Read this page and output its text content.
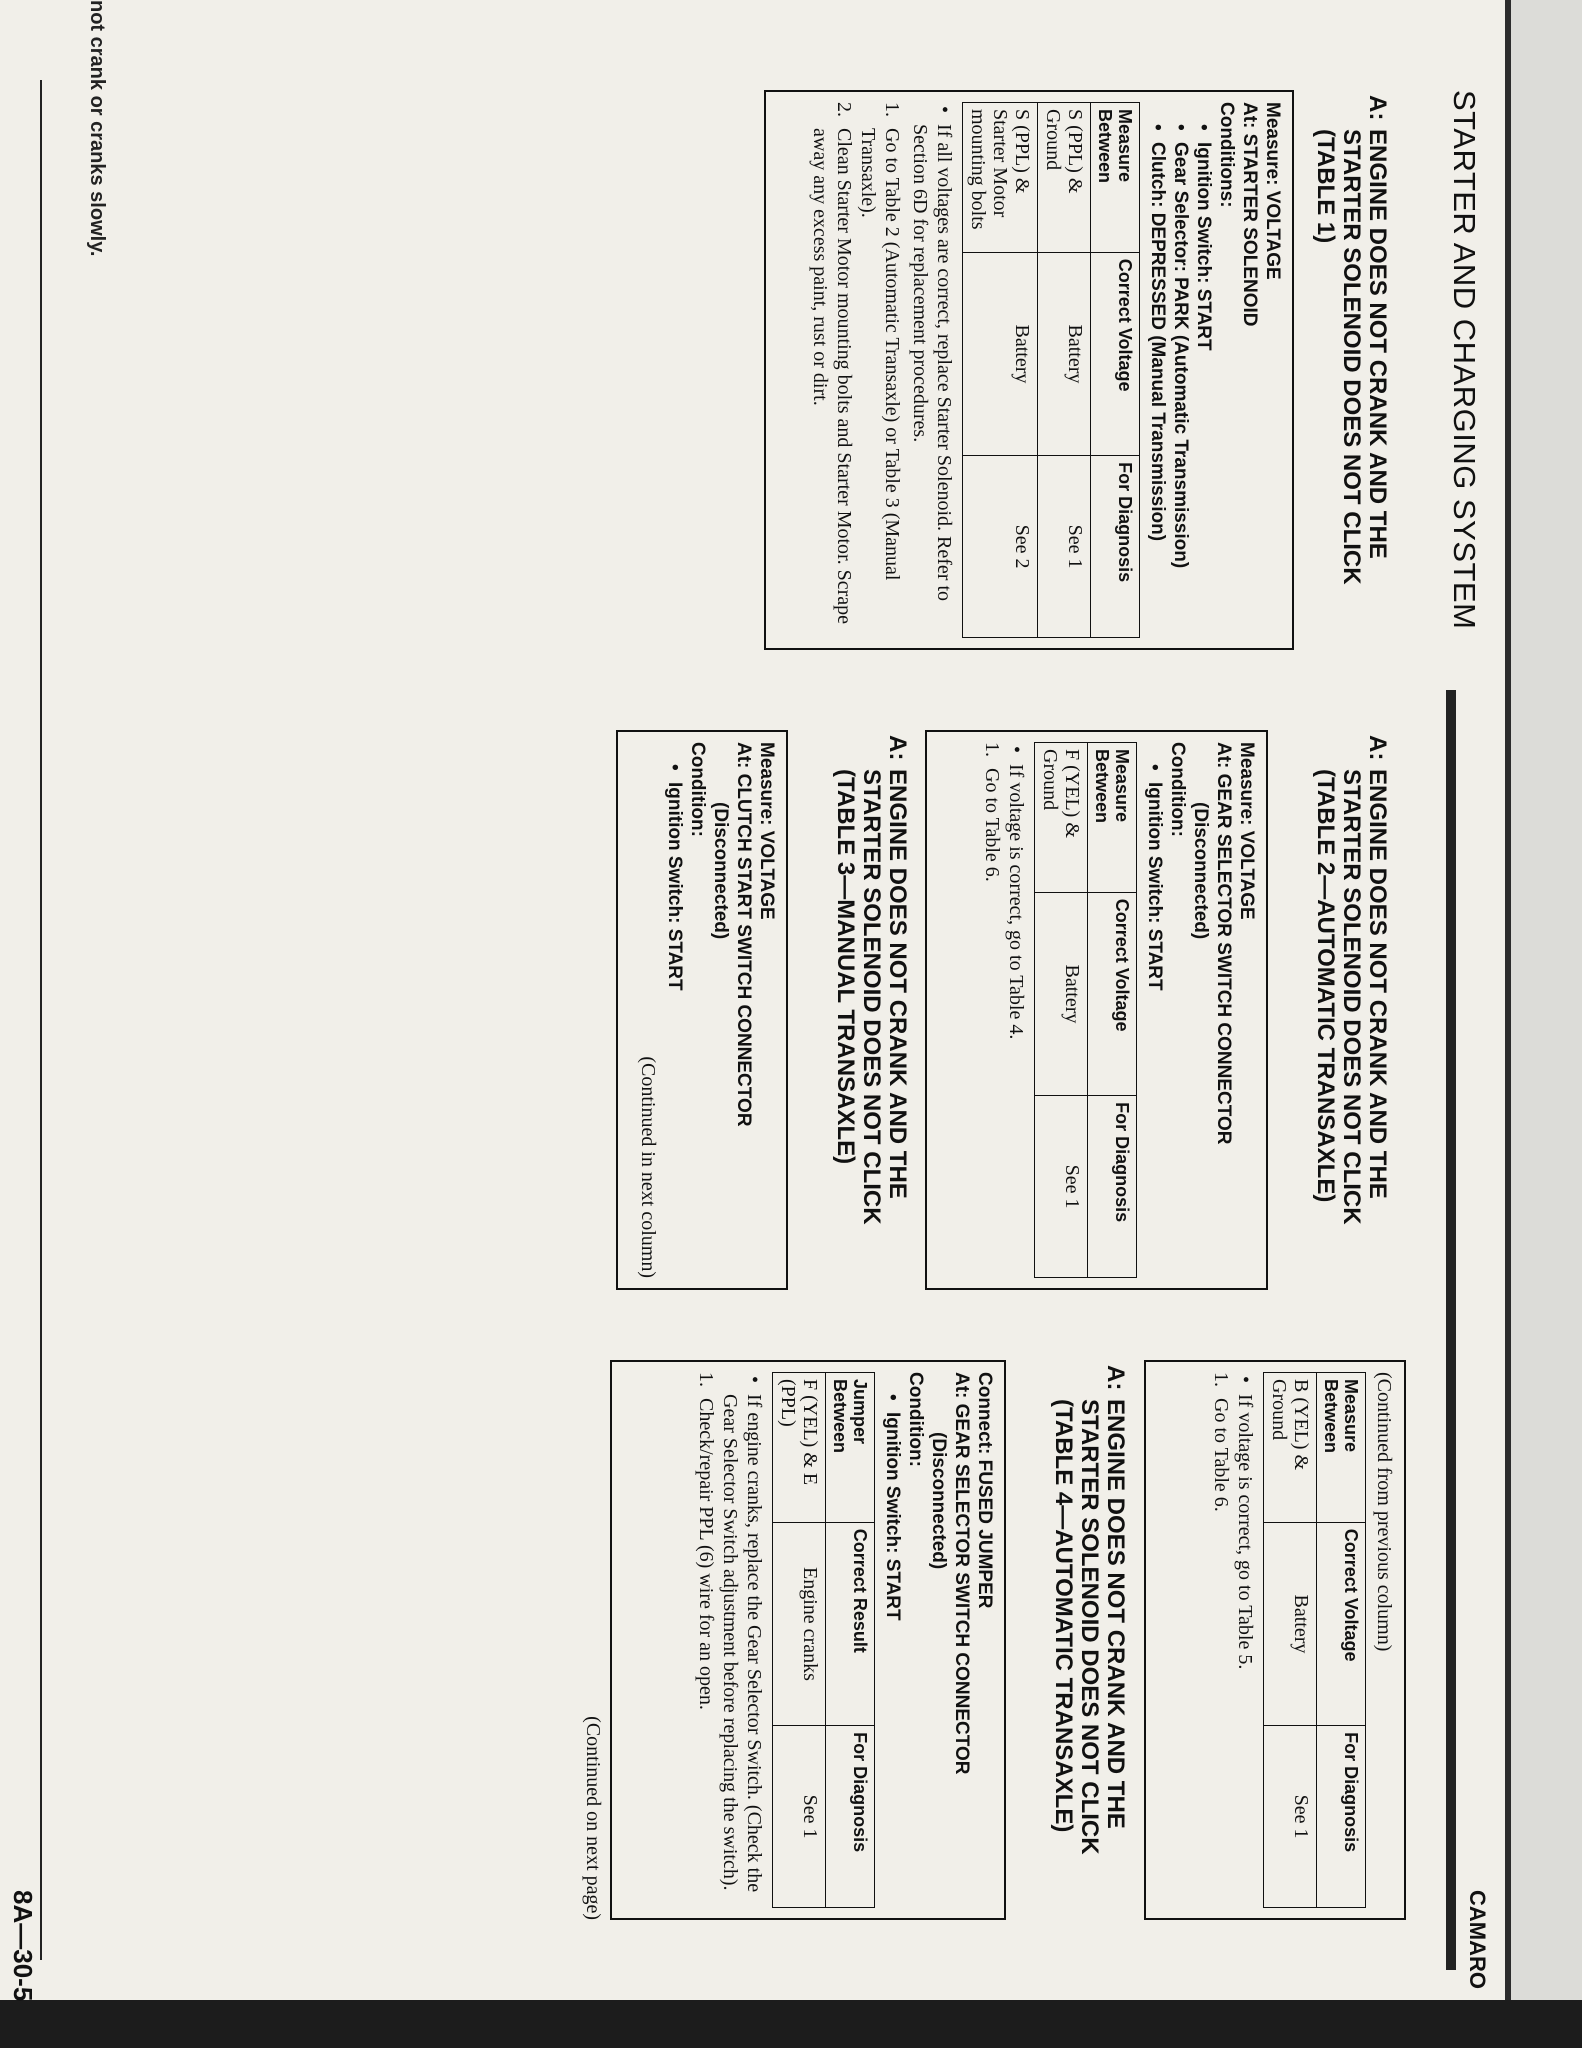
not crank or cranks slowly.	STARTER AND CHARGING SYSTEM
CAMARO
8A—30-5
A:ENGINE DOES NOT CRANK AND THE STARTER SOLENOID DOES NOT CLICK (TABLE 1)
Measure: VOLTAGE
At: STARTER SOLENOID
Conditions:
• Ignition Switch: START
• Gear Selector: PARK (Automatic Transmission)
• Clutch: DEPRESSED (Manual Transmission)
Measure Between	Correct Voltage	For Diagnosis
S (PPL) & Ground	Battery	See 1
S (PPL) & Starter Motor mounting bolts	Battery	See 2
• If all voltages are correct, replace Starter Solenoid. Refer to Section 6D for replacement procedures.
1.Go to Table 2 (Automatic Transaxle) or Table 3 (Manual Transaxle).
2.Clean Starter Motor mounting bolts and Starter Motor. Scrape away any excess paint, rust or dirt.
A:ENGINE DOES NOT CRANK AND THE STARTER SOLENOID DOES NOT CLICK (TABLE 2—AUTOMATIC TRANSAXLE)
Measure: VOLTAGE
At: GEAR SELECTOR SWITCH CONNECTOR
(Disconnected)
Condition:
• Ignition Switch: START
Measure Between	Correct Voltage	For Diagnosis
F (YEL) & Ground	Battery	See 1
• If voltage is correct, go to Table 4.
1.Go to Table 6.
A:ENGINE DOES NOT CRANK AND THE STARTER SOLENOID DOES NOT CLICK (TABLE 3—MANUAL TRANSAXLE)
Measure: VOLTAGE
At: CLUTCH START SWITCH CONNECTOR
(Disconnected)
Condition:
• Ignition Switch: START
(Continued in next column)
(Continued from previous column)
Measure Between	Correct Voltage	For Diagnosis
B (YEL) & Ground	Battery	See 1
• If voltage is correct, go to Table 5.
1.Go to Table 6.
A:ENGINE DOES NOT CRANK AND THE STARTER SOLENOID DOES NOT CLICK (TABLE 4—AUTOMATIC TRANSAXLE)
Connect: FUSED JUMPER
At: GEAR SELECTOR SWITCH CONNECTOR
(Disconnected)
Condition:
• Ignition Switch: START
Jumper Between	Correct Result	For Diagnosis
F (YEL) & E (PPL)	Engine cranks	See 1
• If engine cranks, replace the Gear Selector Switch. (Check the Gear Selector Switch adjustment before replacing the switch).
1.Check/repair PPL (6) wire for an open.
(Continued on next page)
